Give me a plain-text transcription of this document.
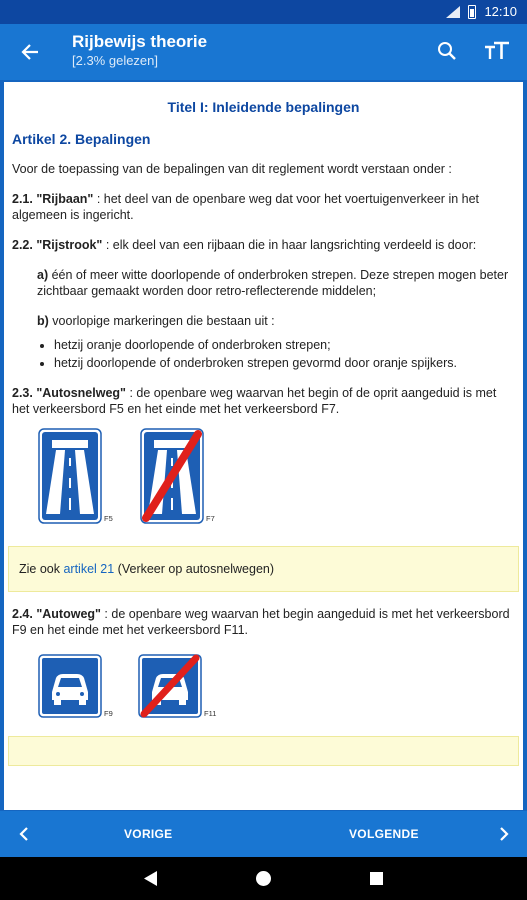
12:10
Rijbewijs theorie
[2.3% gelezen]
Titel I: Inleidende bepalingen
Artikel 2. Bepalingen

Voor de toepassing van de bepalingen van dit reglement wordt verstaan onder :

2.1. "Rijbaan" : het deel van de openbare weg dat voor het voertuigenverkeer in het algemeen is ingericht.

2.2. "Rijstrook" : elk deel van een rijbaan die in haar langsrichting verdeeld is door:

a) één of meer witte doorlopende of onderbroken strepen. Deze strepen mogen beter zichtbaar gemaakt worden door retro-reflecterende middelen;

b) voorlopige markeringen die bestaan uit :

• hetzij oranje doorlopende of onderbroken strepen;
• hetzij doorlopende of onderbroken strepen gevormd door oranje spijkers.

2.3. "Autosnelweg" : de openbare weg waarvan het begin of de oprit aangeduid is met het verkeersbord F5 en het einde met het verkeersbord F7.

F5	F7
Zie ook artikel 21 (Verkeer op autosnelwegen)

2.4. "Autoweg" : de openbare weg waarvan het begin aangeduid is met het verkeersbord F9 en het einde met het verkeersbord F11.

F9	F11
VORIGE	VOLGENDE
